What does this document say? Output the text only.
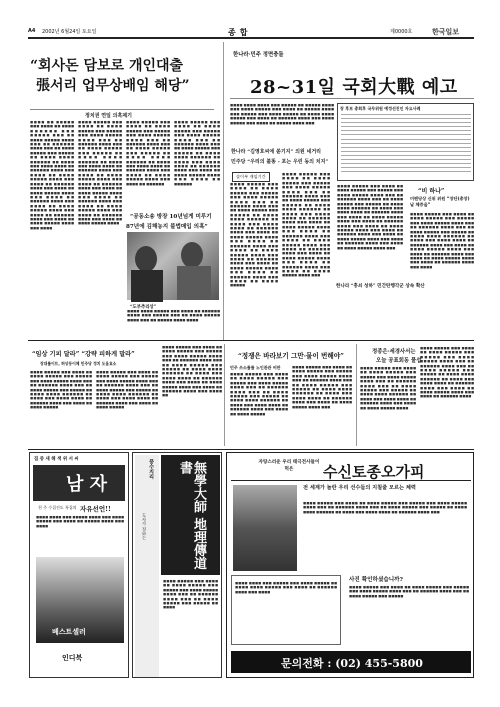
A4 2002년 6월24일 토요일	종합	제0000호	한국일보
“회사돈 담보로 개인대출
張서리 업무상배임 해당”
정치권 연일 의혹제기
■■■■ ■■ ■■■■■ ■■■ ■■■■ ■■ ■■■■ ■■■■■■ ■■■ ■■■■■ ■■■ ■■ ■■■■ ■■■■■ ■■■■ ■■■ ■■ ■■■■■■ ■■■■ ■■■ ■■ ■■■■ ■■■■■ ■■■ ■■■■■ ■■ ■■■■ ■■■■ ■■■■■■ ■■ ■■■■ ■■■ ■■■■ ■■■■ ■■ ■■■■■■ ■■■■ ■■■ ■■■■ ■■ ■■■■ ■■■■■ ■■■■ ■■■ ■■■■ ■■ ■■■■■■ ■■■■ ■■■ ■■■■ ■■ ■■■■ ■■■■■ ■■■■ ■■■ ■■■■ ■■ ■■■■■■ ■■■■ ■■■ ■■■■ ■■ ■■■■ ■■■■■ ■■■■ ■■■ ■■■■ ■■ ■■■■■■ ■■■■ ■■■ ■■■■ ■■ ■■■■ ■■■■■ ■■■■ ■■■ ■■■■
■■■■ ■■■■■ ■■■ ■■■■ ■■ ■■■■ ■■■■■ ■■■ ■■■■■ ■■■ ■■■■ ■■■■■ ■■■■ ■■■ ■■ ■■■■■■ ■■■■ ■■■ ■■ ■■■■ ■■■■■ ■■■ ■■■■■ ■■ ■■■■ ■■■■ ■■■■■■ ■■ ■■■■ ■■■ ■■■■ ■■■■ ■■ ■■■■■■ ■■■■ ■■■ ■■■■ ■■ ■■■■ ■■■■■ ■■■■ ■■■ ■■■■ ■■ ■■■■■■ ■■■■ ■■■ ■■■■ ■■ ■■■■ ■■■■■ ■■■■ ■■■ ■■■■ ■■ ■■■■■■ ■■■■ ■■■ ■■■■ ■■ ■■■■ ■■■■■ ■■■■ ■■■ ■■■■ ■■ ■■■■■■ ■■■■ ■■■ ■■■■ ■■ ■■■■ ■■■■■ ■■■■
■■■■ ■■■■■ ■■■ ■■■■ ■■ ■■■■ ■■■■■ ■■■ ■■■■■ ■■■ ■■■■ ■■■■■ ■■■■ ■■■ ■■ ■■■■■■ ■■■■ ■■■ ■■ ■■■■ ■■■■■ ■■■ ■■■■■ ■■ ■■■■ ■■■■ ■■■■■■ ■■ ■■■■ ■■■ ■■■■ ■■■■ ■■ ■■■■■■ ■■■■ ■■■ ■■■■ ■■ ■■■■ ■■■■■ ■■■■ ■■■ ■■■■ ■■ ■■■■■■
■■■■ ■■■■■ ■■■ ■■■■ ■■ ■■■■ ■■■■■ ■■■ ■■■■■ ■■■ ■■■■ ■■■■■ ■■■■ ■■■ ■■ ■■■■■■ ■■■■ ■■■ ■■ ■■■■ ■■■■■ ■■■ ■■■■■ ■■ ■■■■ ■■■■ ■■■■■■ ■■ ■■■■ ■■■ ■■■■ ■■■■ ■■ ■■■■■■ ■■■■ ■■■ ■■■■ ■■ ■■■■ ■■■■■ ■■■■ ■■■ ■■■■ ■■ ■■■■■■
“공동소송 방장 10년넘게 미루기
87년에 김해농지 불법매입 의혹”
“도부추리상”
■■■■ ■■■■ ■■■■■ ■■■ ■■■■ ■■ ■■■■■■ ■■■■ ■■■ ■■■■■ ■■■ ■■ ■■■■ ■■■■■ ■■■■ ■■■ ■■ ■■■■■ ■■■■ ■■■■
한나라·민주 정면충돌
28~31일 국회大戰 예고
■■■■ ■■■■ ■■■■ ■■■ ■■■■■ ■■ ■■■■■ ■■■■ ■■■ ■■■■ ■■■■■ ■■■ ■■■■ ■■ ■■■■■ ■■■■ ■■■ ■■■■■ ■■■ ■■■■ ■■■■■ ■■ ■■■■ ■■■■ ■■■■■ ■■■ ■■■■ ■■ ■■■■■■ ■■■■ ■■■ ■■■■ ■■■■■ ■■■ ■■■■ ■■ ■■■■■ ■■■■ ■■■
한나라 “김영호씨에 쏟기지” 의원 네거리
민주당 “우리의 불똥 - 포는 우린 동의 치지”
솔이부 재임기간
■■■■ ■■■■■ ■■■ ■■■■ ■■ ■■■■ ■■■■■ ■■■ ■■■■■ ■■■ ■■■■ ■■■■■ ■■■■ ■■■ ■■ ■■■■■■ ■■■■ ■■■ ■■ ■■■■ ■■■■■ ■■■ ■■■■■ ■■ ■■■■ ■■■■ ■■■■■■ ■■ ■■■■ ■■■ ■■■■ ■■■■ ■■ ■■■■■■ ■■■■ ■■■ ■■■■ ■■ ■■■■ ■■■■■ ■■■■ ■■■ ■■■■ ■■ ■■■■■■ ■■■■ ■■■ ■■■■ ■■ ■■■■ ■■■■■ ■■■■ ■■■ ■■■■ ■■ ■■■■■■ ■■■■ ■■■ ■■■■ ■■ ■■■■ ■■■■■ ■■■■ ■■■ ■■■■ ■■ ■■■■■■ ■■■■ ■■■ ■■■■ ■■ ■■■■ ■■■■■
■■■■ ■■■■■ ■■■ ■■■■ ■■ ■■■■ ■■■■■ ■■■ ■■■■■ ■■■ ■■■■ ■■■■■ ■■■■ ■■■ ■■ ■■■■■■ ■■■■ ■■■ ■■ ■■■■ ■■■■■ ■■■ ■■■■■ ■■ ■■■■ ■■■■ ■■■■■■ ■■ ■■■■ ■■■ ■■■■ ■■■■ ■■ ■■■■■■ ■■■■ ■■■ ■■■■ ■■ ■■■■ ■■■■■ ■■■■ ■■■ ■■■■ ■■ ■■■■■■ ■■■■ ■■■ ■■■■ ■■ ■■■■ ■■■■■ ■■■■ ■■■ ■■■■ ■■ ■■■■■■ ■■■■ ■■■ ■■■■ ■■ ■■■■ ■■■■■ ■■■■ ■■■ ■■■■ ■■ ■■■■■■ ■■■■ ■■■ ■■■■ ■■ ■■■■ ■■■■■ ■■■■ ■■■
장 후보 총회후 국무위원 예정선진인 자요사례
■■■■ ■■■■■ ■■■ ■■■■ ■■ ■■■■ ■■■■■ ■■■ ■■■■■ ■■■ ■■■■ ■■■■■ ■■■■ ■■■ ■■ ■■■■■■ ■■■■ ■■■ ■■ ■■■■ ■■■■■ ■■■ ■■■■■ ■■ ■■■■ ■■■■ ■■■■■■ ■■ ■■■■ ■■■ ■■■■ ■■■■ ■■ ■■■■■■ ■■■■ ■■■ ■■■■ ■■ ■■■■ ■■■■■ ■■■■ ■■■ ■■■■ ■■ ■■■■■■ ■■■■ ■■■ ■■■■ ■■ ■■■■ ■■■■■ ■■■■ ■■■ ■■■■ ■■ ■■■■■■ ■■■■ ■■■ ■■■■ ■■ ■■■■ ■■■■■ ■■■■ ■■■ ■■■■ ■■ ■■■■■■ ■■■■ ■■■ ■■■■ ■■ ■■■■ ■■■■■ ■■■■ ■■■
“비 하나”
미랜당상 신위 위원 “장단(총장) 날 체증을”
■■■■ ■■■■■ ■■■ ■■■■ ■■ ■■■■ ■■■■■ ■■■ ■■■■■ ■■■ ■■■■ ■■■■■ ■■■■ ■■■ ■■ ■■■■■■ ■■■■ ■■■ ■■ ■■■■ ■■■■■ ■■■ ■■■■■ ■■ ■■■■ ■■■■ ■■■■■■ ■■ ■■■■ ■■■ ■■■■ ■■■■ ■■ ■■■■■■ ■■■■ ■■■ ■■■■ ■■ ■■■■ ■■■■■ ■■■■ ■■■ ■■■■ ■■ ■■■■■■ ■■■■ ■■■ ■■■■ ■■ ■■■■ ■■■■■ ■■■■ ■■■ ■■■■ ■■ ■■■■■■ ■■■■ ■■■ ■■■■
한나라 “흥쇠 성하” 민간탄행각군 상속 확산
“임상 기피 달라” “강략 피하게 말라”
장대를이트, 허상동이체 민주당 정치 도움효소
■■■■ ■■■■■ ■■■ ■■■■ ■■ ■■■■ ■■■■■ ■■■ ■■■■■ ■■■ ■■■■ ■■■■■ ■■■■ ■■■ ■■ ■■■■■■ ■■■■ ■■■ ■■ ■■■■ ■■■■■ ■■■ ■■■■■ ■■ ■■■■ ■■■■ ■■■■■■ ■■ ■■■■ ■■■ ■■■■ ■■■■ ■■ ■■■■■■ ■■■■ ■■■ ■■■■ ■■ ■■■■ ■■■■■
■■■■ ■■■■■ ■■■ ■■■■ ■■ ■■■■ ■■■■■ ■■■ ■■■■■ ■■■ ■■■■ ■■■■■ ■■■■ ■■■ ■■ ■■■■■■ ■■■■ ■■■ ■■ ■■■■ ■■■■■ ■■■ ■■■■■ ■■ ■■■■ ■■■■ ■■■■■■ ■■ ■■■■ ■■■ ■■■■ ■■■■ ■■ ■■■■■■ ■■■■ ■■■ ■■■■ ■■ ■■■■ ■■■■■
■■■■ ■■■■■ ■■■ ■■■■ ■■ ■■■■ ■■■■■ ■■■ ■■■■■ ■■■ ■■■■ ■■■■■ ■■■■ ■■■ ■■ ■■■■■■ ■■■■ ■■■ ■■ ■■■■ ■■■■■ ■■■ ■■■■■ ■■ ■■■■ ■■■■ ■■■■■■ ■■ ■■■■ ■■■ ■■■■ ■■■■ ■■ ■■■■■■ ■■■■ ■■■ ■■■■ ■■ ■■■■ ■■■■■ ■■■■ ■■■ ■■■■ ■■ ■■■■■■ ■■■■ ■■■ ■■■■ ■■
“정쟁은 바라보기 그만·물이 번해야”
민주 쓰소를를 노인관관 비판
■■■■ ■■■■■ ■■■ ■■■■ ■■ ■■■■ ■■■■■ ■■■ ■■■■■ ■■■ ■■■■ ■■■■■ ■■■■ ■■■ ■■ ■■■■■■ ■■■■ ■■■ ■■ ■■■■ ■■■■■ ■■■ ■■■■■ ■■ ■■■■ ■■■■ ■■■■■■ ■■ ■■■■ ■■■ ■■■■ ■■■■ ■■ ■■■■■■ ■■■■ ■■■ ■■■■ ■■ ■■■■ ■■■■■
■■■■ ■■■■■ ■■■ ■■■■ ■■ ■■■■ ■■■■■ ■■■ ■■■■■ ■■■ ■■■■ ■■■■■ ■■■■ ■■■ ■■ ■■■■■■ ■■■■ ■■■ ■■ ■■■■ ■■■■■ ■■■ ■■■■■ ■■ ■■■■ ■■■■ ■■■■■■ ■■ ■■■■ ■■■ ■■■■ ■■■■ ■■ ■■■■■■ ■■■■ ■■■ ■■■■ ■■ ■■■■ ■■■■■ ■■■■ ■■■
정종은·세경사서는
오늘 공표회동 물섭
■■■■ ■■■■■ ■■■ ■■■■ ■■ ■■■■ ■■■■■ ■■■ ■■■■■ ■■■ ■■■■ ■■■■■ ■■■■ ■■■ ■■ ■■■■■■ ■■■■ ■■■ ■■ ■■■■ ■■■■■ ■■■ ■■■■■ ■■ ■■■■ ■■■■ ■■■■■■ ■■ ■■■■ ■■■ ■■■■ ■■■■ ■■ ■■■■■■ ■■■■ ■■■ ■■■■ ■■ ■■■■ ■■■■■ ■■■■
■■■■ ■■■■■ ■■■ ■■■■ ■■ ■■■■ ■■■■■ ■■■ ■■■■■ ■■■ ■■■■ ■■■■■ ■■■■ ■■■ ■■ ■■■■■■ ■■■■ ■■■ ■■ ■■■■ ■■■■■ ■■■ ■■■■■ ■■ ■■■■ ■■■■ ■■■■■■ ■■ ■■■■ ■■■ ■■■■ ■■■■ ■■ ■■■■■■ ■■■■ ■■■ ■■■■ ■■ ■■■■ ■■■■■ ■■■■ ■■■ ■■■■ ■■ ■■■■■■ ■■■■
집 중 새 해 색 위 서 씨
남 자
천 주 수집진도 특집의 자유선언!!
■■■■ ■■■■ ■■■ ■■■■■ ■■■■ ■■■ ■■■■ ■■■■■ ■■■ ■■■■ ■■ ■■■■■ ■■■■ ■■■ ■■■■
베스트셀러
인디북
풍수지리
도사가 전하는	無學大師 地理傳道書
■■■■ ■■■■■ ■■■ ■■■■ ■■ ■■■■ ■■■■■ ■■■ ■■■■■ ■■■ ■■■■ ■■■■■ ■■■■ ■■■ ■■ ■■■■■■ ■■■■ ■■■ ■■ ■■■■ ■■■■■ ■■■ ■■■■■ ■■ ■■■■
자랑스러운 우리 태극전사들이 먹은	수신토종오가피
전 세계가 놀란 우리 선수들의 지칠줄 모르는 체력
■■■■ ■■■■■ ■■■ ■■■■ ■■ ■■■■ ■■■■■ ■■■ ■■■■■ ■■■ ■■■■ ■■■■■ ■■■■ ■■■ ■■ ■■■■■■ ■■■■ ■■■ ■■ ■■■■ ■■■■■ ■■■ ■■■■■ ■■ ■■■■ ■■■■ ■■■■■■ ■■ ■■■■ ■■■ ■■■■ ■■■■ ■■ ■■■■■■ ■■■■ ■■■
■■■■ ■■■■ ■■■ ■■■■■ ■■■ ■■■■ ■■■■■ ■■ ■■■■ ■■■■ ■■■■■ ■■■ ■■■■ ■■ ■■■■■■ ■■■■ ■■■ ■■■■
사진 확인하셨습니까?
■■■■ ■■■■■ ■■■ ■■■■ ■■ ■■■■ ■■■■■ ■■■ ■■■■■ ■■■ ■■■■ ■■■■■ ■■■■ ■■■ ■■ ■■■■■■ ■■■■ ■■■ ■■ ■■■■ ■■■■■ ■■■ ■■■■■
문의전화 : (02) 455-5800
